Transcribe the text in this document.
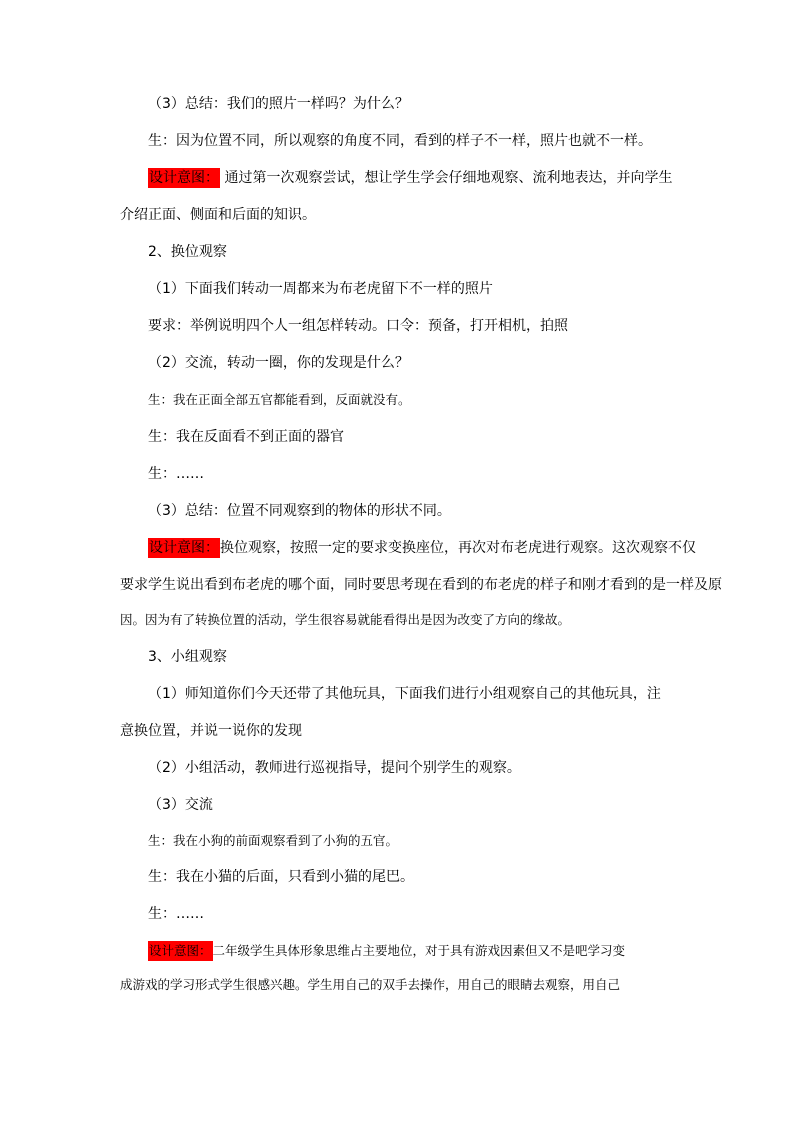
（3）总结：我们的照片一样吗？为什么？
生：因为位置不同，所以观察的角度不同，看到的样子不一样，照片也就不一样。
设计意图： 通过第一次观察尝试，想让学生学会仔细地观察、流利地表达，并向学生
介绍正面、侧面和后面的知识。
2、换位观察
（1）下面我们转动一周都来为布老虎留下不一样的照片
要求：举例说明四个人一组怎样转动。口令：预备，打开相机，拍照
（2）交流，转动一圈，你的发现是什么？
生：我在正面全部五官都能看到，反面就没有。
生：我在反面看不到正面的器官
生：……
（3）总结：位置不同观察到的物体的形状不同。
设计意图：换位观察，按照一定的要求变换座位，再次对布老虎进行观察。这次观察不仅
要求学生说出看到布老虎的哪个面，同时要思考现在看到的布老虎的样子和刚才看到的是一样及原
因。因为有了转换位置的活动，学生很容易就能看得出是因为改变了方向的缘故。
3、小组观察
（1）师知道你们今天还带了其他玩具，下面我们进行小组观察自己的其他玩具，注
意换位置，并说一说你的发现
（2）小组活动，教师进行巡视指导，提问个别学生的观察。
（3）交流
生：我在小狗的前面观察看到了小狗的五官。
生：我在小猫的后面，只看到小猫的尾巴。
生：……
设计意图：二年级学生具体形象思维占主要地位，对于具有游戏因素但又不是吧学习变
成游戏的学习形式学生很感兴趣。学生用自己的双手去操作，用自己的眼睛去观察，用自己
